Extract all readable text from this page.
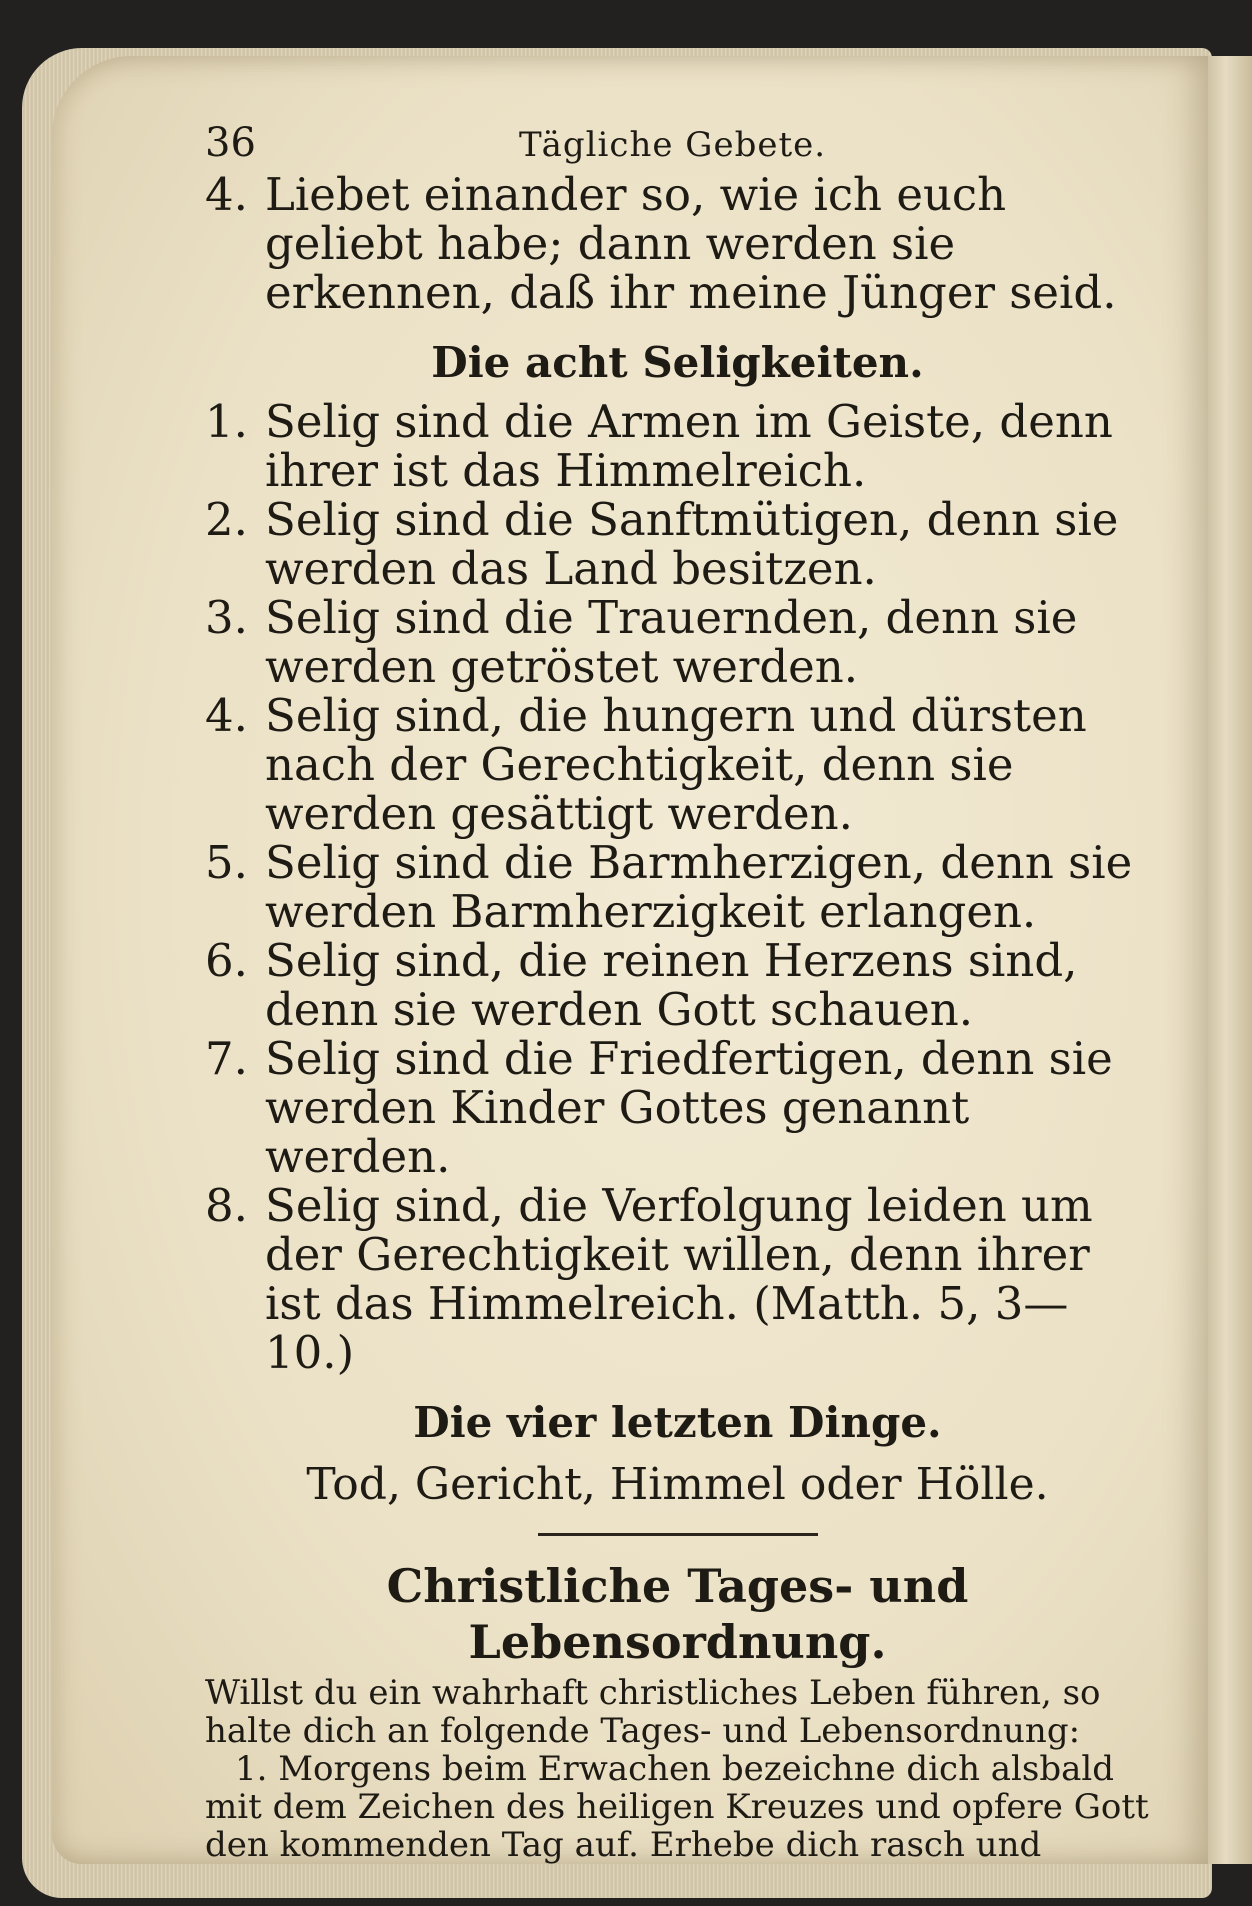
36	Tägliche Gebete.

4. Liebet einander so, wie ich euch geliebt habe; dann werden sie erkennen, daß ihr meine Jünger seid.

Die acht Seligkeiten.

1. Selig sind die Armen im Geiste, denn ihrer ist das Himmelreich.

2. Selig sind die Sanftmütigen, denn sie werden das Land besitzen.

3. Selig sind die Trauernden, denn sie werden getröstet werden.

4. Selig sind, die hungern und dürsten nach der Gerechtigkeit, denn sie werden gesättigt werden.

5. Selig sind die Barmherzigen, denn sie werden Barmherzigkeit erlangen.

6. Selig sind, die reinen Herzens sind, denn sie werden Gott schauen.

7. Selig sind die Friedfertigen, denn sie werden Kinder Gottes genannt werden.

8. Selig sind, die Verfolgung leiden um der Gerechtigkeit willen, denn ihrer ist das Himmelreich. (Matth. 5, 3—10.)

Die vier letzten Dinge.
Tod, Gericht, Himmel oder Hölle.
Christliche Tages- und Lebensordnung.

Willst du ein wahrhaft christliches Leben führen, so halte dich an folgende Tages- und Lebensordnung:

1. Morgens beim Erwachen bezeichne dich alsbald mit dem Zeichen des heiligen Kreuzes und opfere Gott den kommenden Tag auf. Erhebe dich rasch und
